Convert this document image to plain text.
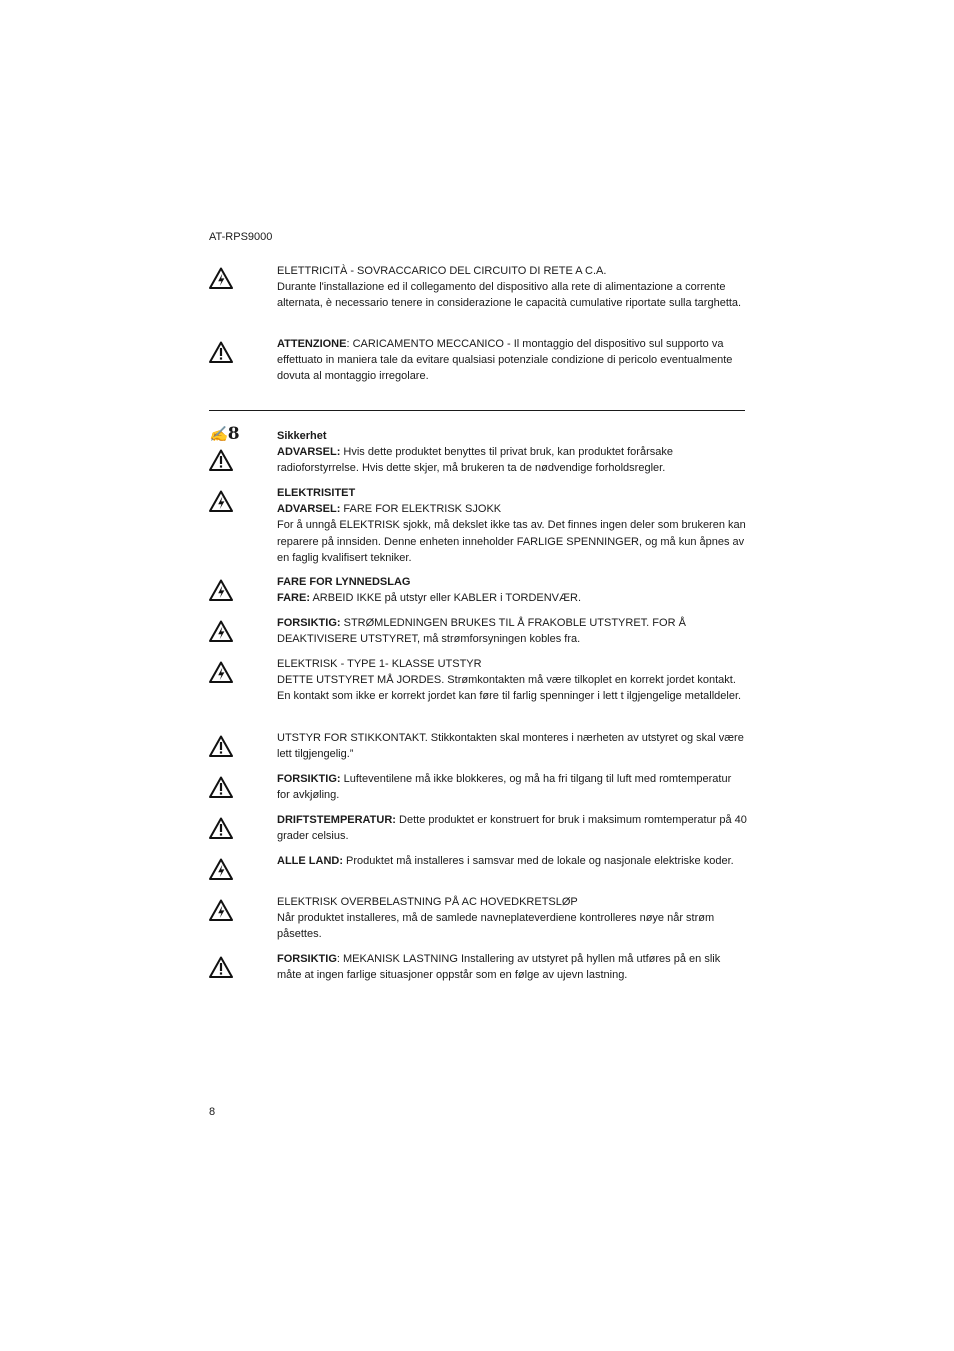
AT-RPS9000

ELETTRICITÀ - SOVRACCARICO DEL CIRCUITO DI RETE A C.A.

Durante l'installazione ed il collegamento del dispositivo alla rete di alimentazione a corrente alternata, è necessario tenere in considerazione le capacità cumulative riportate sulla targhetta.

ATTENZIONE: CARICAMENTO MECCANICO - Il montaggio del dispositivo sul supporto va effettuato in maniera tale da evitare qualsiasi potenziale condizione di pericolo eventualmente dovuta al montaggio irregolare.

✍8	Sikkerhet

ADVARSEL: Hvis dette produktet benyttes til privat bruk, kan produktet forårsake radioforstyrrelse. Hvis dette skjer, må brukeren ta de nødvendige forholdsregler.

ELEKTRISITET

ADVARSEL: FARE FOR ELEKTRISK SJOKK

For å unngå ELEKTRISK sjokk, må dekslet ikke tas av. Det finnes ingen deler som brukeren kan reparere på innsiden. Denne enheten inneholder FARLIGE SPENNINGER, og må kun åpnes av en faglig kvalifisert tekniker.

FARE FOR LYNNEDSLAG

FARE: ARBEID IKKE på utstyr eller KABLER i TORDENVÆR.

FORSIKTIG: STRØMLEDNINGEN BRUKES TIL Å FRAKOBLE UTSTYRET. FOR Å DEAKTIVISERE UTSTYRET, må strømforsyningen kobles fra.

ELEKTRISK - TYPE 1- KLASSE UTSTYR

DETTE UTSTYRET MÅ JORDES. Strømkontakten må være tilkoplet en korrekt jordet kontakt. En kontakt som ikke er korrekt jordet kan føre til farlig spenninger i lett t ilgjengelige metalldeler.

UTSTYR FOR STIKKONTAKT. Stikkontakten skal monteres i nærheten av utstyret og skal være lett tilgjengelig.”

FORSIKTIG: Lufteventilene må ikke blokkeres, og må ha fri tilgang til luft med romtemperatur for avkjøling.

DRIFTSTEMPERATUR: Dette produktet er konstruert for bruk i maksimum romtemperatur på 40 grader celsius.

ALLE LAND: Produktet må installeres i samsvar med de lokale og nasjonale elektriske koder.

ELEKTRISK OVERBELASTNING PÅ AC HOVEDKRETSLØP

Når produktet installeres, må de samlede navneplateverdiene kontrolleres nøye når strøm påsettes.

FORSIKTIG: MEKANISK LASTNING Installering av utstyret på hyllen må utføres på en slik måte at ingen farlige situasjoner oppstår som en følge av ujevn lastning.

8
